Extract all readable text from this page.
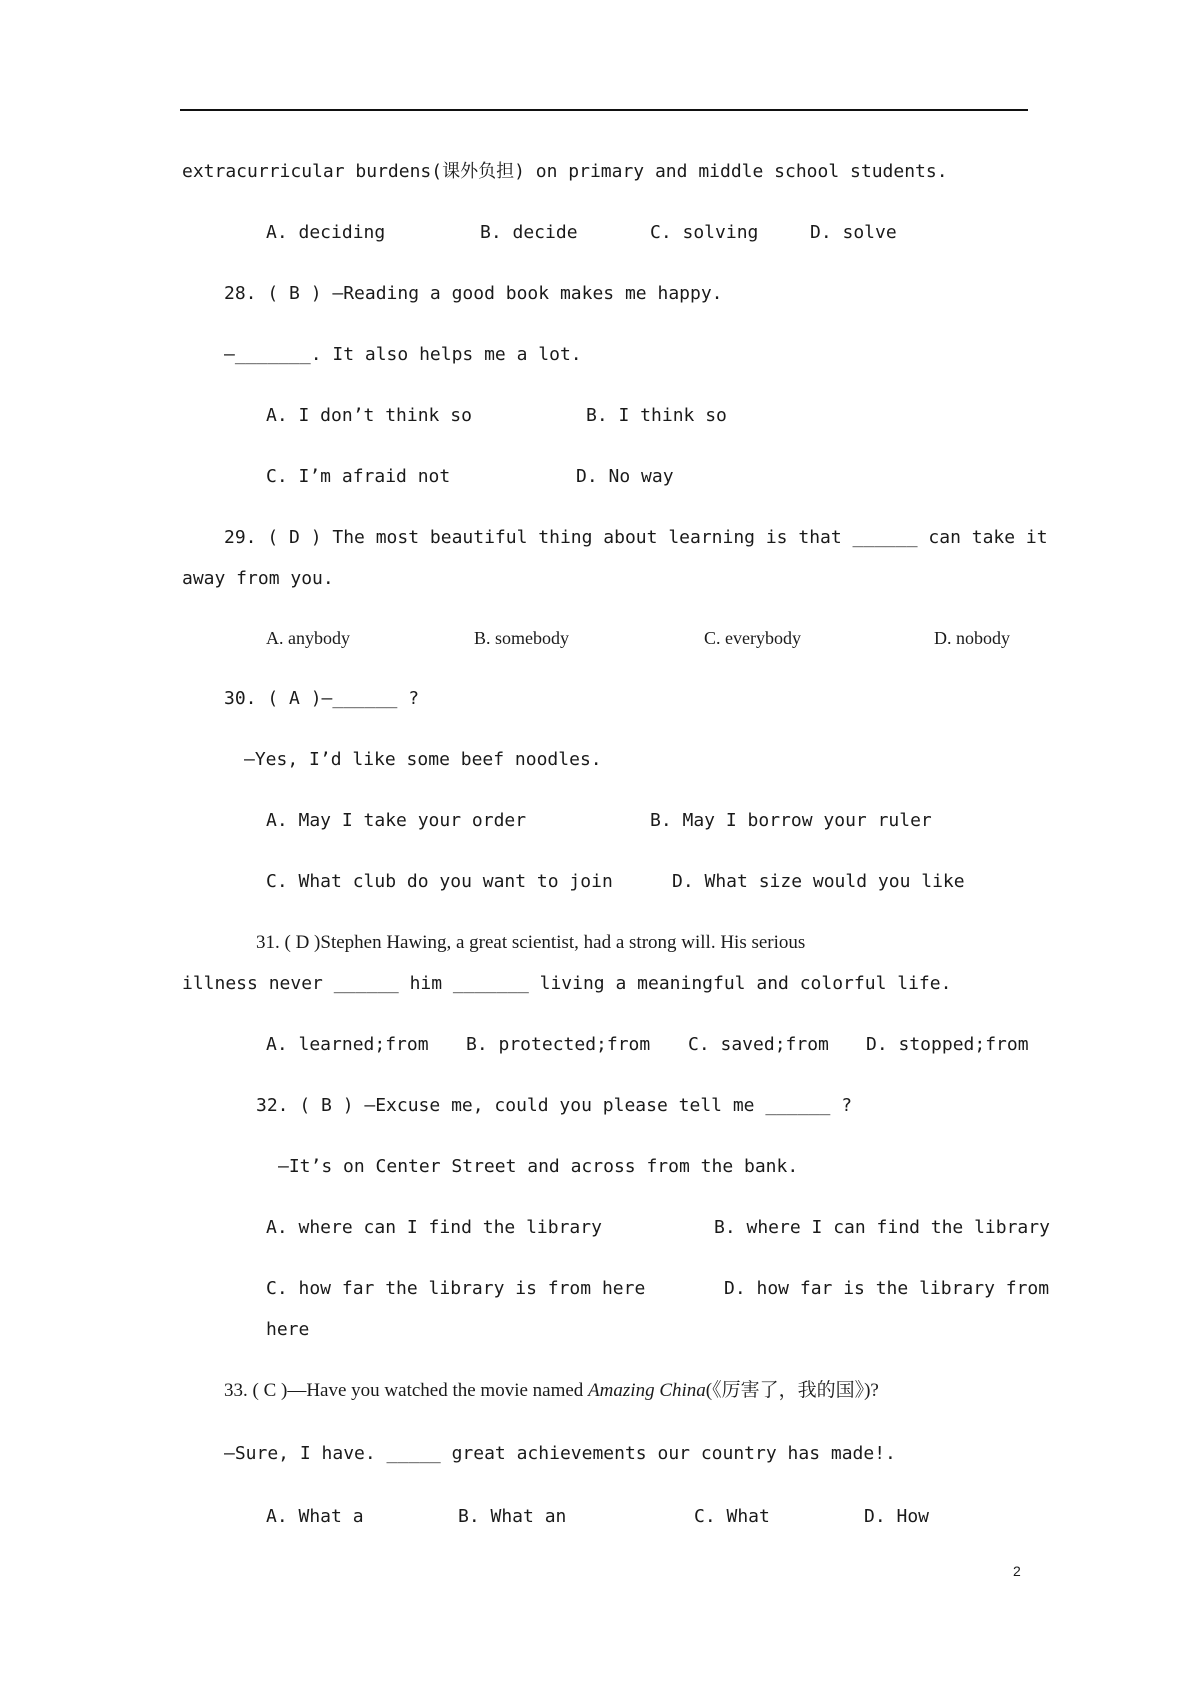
extracurricular burdens(课外负担) on primary and middle school students.
A. deciding	B. decide	C. solving	D. solve
28. ( B ) —Reading a good book makes me happy.
—_______. It also helps me a lot.
A. I don’t think so	B. I think so
C. I’m afraid not	D. No way
29. ( D ) The most beautiful thing about learning is that ______ can take it
away from you.
A. anybody	B. somebody	C. everybody	D. nobody
30. ( A )—______ ?
—Yes, I’d like some beef noodles.
A. May I take your order	B. May I borrow your ruler
C. What club do you want to join	D. What size would you like
31. ( D )Stephen Hawing, a great scientist, had a strong will. His serious
illness never ______ him _______ living a meaningful and colorful life.
A. learned;from B. protected;from C. saved;from D. stopped;from
32. ( B ) —Excuse me, could you please tell me ______ ?
—It’s on Center Street and across from the bank.
A. where can I find the library	B. where I can find the library
C. how far the library is from here	D. how far is the library from
here
33. ( C )—Have you watched the movie named Amazing China(《厉害了，我的国》)?
—Sure, I have. _____ great achievements our country has made!.
A. What a	B. What an	C. What	D. How
2
